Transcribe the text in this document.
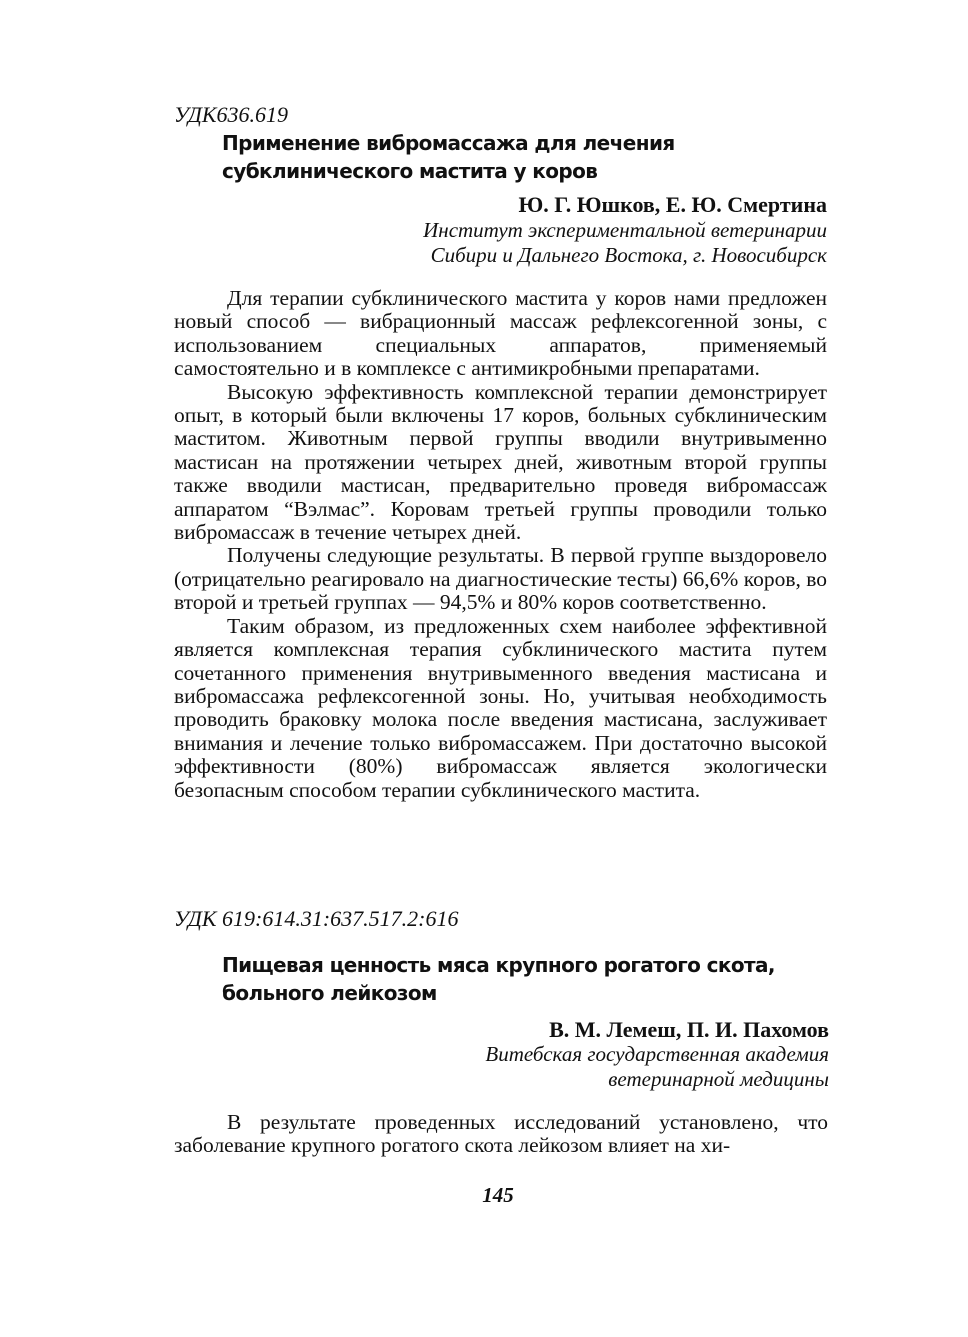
УДК636.619
Применение вибромассажа для лечения
субклинического мастита у коров
Ю. Г. Юшков, Е. Ю. Смертина
Институт экспериментальной ветеринарии
Сибири и Дальнего Востока, г. Новосибирск

Для терапии субклинического мастита у коров нами предложен новый способ — вибрационный массаж рефлексогенной зоны, с использованием специальных аппаратов, применяемый самостоятельно и в комплексе с антимикробными препаратами.

Высокую эффективность комплексной терапии демонстрирует опыт, в который были включены 17 коров, больных субклиническим маститом. Животным первой группы вводили внутривыменно мастисан на протяжении четырех дней, животным второй группы также вводили мастисан, предварительно проведя вибромассаж аппаратом “Вэлмас”. Коровам третьей группы проводили только вибромассаж в течение четырех дней.

Получены следующие результаты. В первой группе выздоровело (отрицательно реагировало на диагностические тесты) 66,6% коров, во второй и третьей группах — 94,5% и 80% коров соответственно.

Таким образом, из предложенных схем наиболее эффективной является комплексная терапия субклинического мастита путем сочетанного применения внутривыменного введения мастисана и вибромассажа рефлексогенной зоны. Но, учитывая необходимость проводить браковку молока после введения мастисана, заслуживает внимания и лечение только вибромассажем. При достаточно высокой эффективности (80%) вибромассаж является экологически безопасным способом терапии субклинического мастита.

УДК 619:614.31:637.517.2:616
Пищевая ценность мяса крупного рогатого скота,
больного лейкозом
В. М. Лемеш, П. И. Пахомов
Витебская государственная академия
ветеринарной медицины

В результате проведенных исследований установлено, что заболевание крупного рогатого скота лейкозом влияет на хи-

145
